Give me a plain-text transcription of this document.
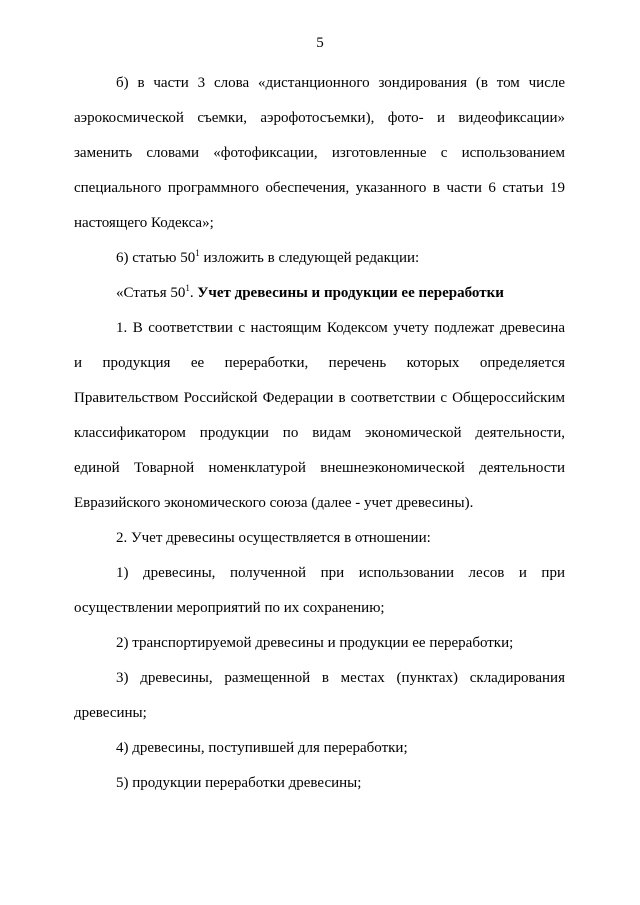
5
б) в части 3 слова «дистанционного зондирования (в том числе
аэрокосмической съемки, аэрофотосъемки), фото- и видеофиксации»
заменить словами «фотофиксации, изготовленные с использованием
специального программного обеспечения, указанного в части 6 статьи 19
настоящего Кодекса»;
6) статью $50^1$ изложить в следующей редакции:
«Статья $50^1$. Учет древесины и продукции ее переработки
1. В соответствии с настоящим Кодексом учету подлежат древесина
и продукция ее переработки, перечень которых определяется
Правительством Российской Федерации в соответствии с Общероссийским
классификатором продукции по видам экономической деятельности,
единой Товарной номенклатурой внешнеэкономической деятельности
Евразийского экономического союза (далее - учет древесины).
2. Учет древесины осуществляется в отношении:
1) древесины, полученной при использовании лесов и при
осуществлении мероприятий по их сохранению;
2) транспортируемой древесины и продукции ее переработки;
3) древесины, размещенной в местах (пунктах) складирования
древесины;
4) древесины, поступившей для переработки;
5) продукции переработки древесины;
